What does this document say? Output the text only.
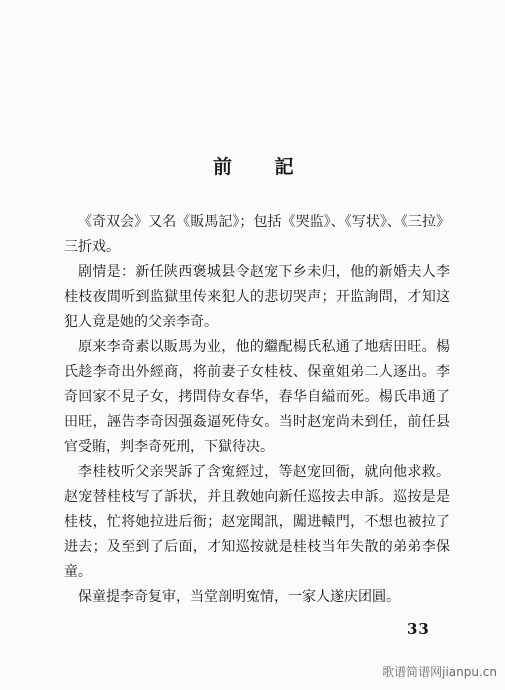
前 記

《奇双会》又名《販馬記》；包括《哭监》、《写状》、《三拉》三折戏。

剧情是：新任陕西褒城县令赵宠下乡未归，他的新婚夫人李桂枝夜間听到监獄里传来犯人的悲切哭声；开监詢問，才知这犯人竟是她的父亲李奇。

原来李奇素以販馬为业，他的繼配楊氏私通了地痞田旺。楊氏趁李奇出外經商，将前妻子女桂枝、保童姐弟二人逐出。李奇回家不見子女，拷問侍女春华，春华自縊而死。楊氏串通了田旺，誣告李奇因强姦逼死侍女。当时赵宠尚未到任，前任县官受賄，判李奇死刑，下獄待决。

李桂枝听父亲哭訴了含寃經过，等赵宠回衙，就向他求救。赵宠替桂枝写了訴状，并且敎她向新任巡按去申訴。巡按是是桂枝，忙将她拉进后衙；赵宠聞訊，闖进轅門，不想也被拉了进去；及至到了后面，才知巡按就是桂枝当年失散的弟弟李保童。

保童提李奇复审，当堂剖明寃情，一家人遂庆团圓。

33
歌谱简谱网jianpu.cn
